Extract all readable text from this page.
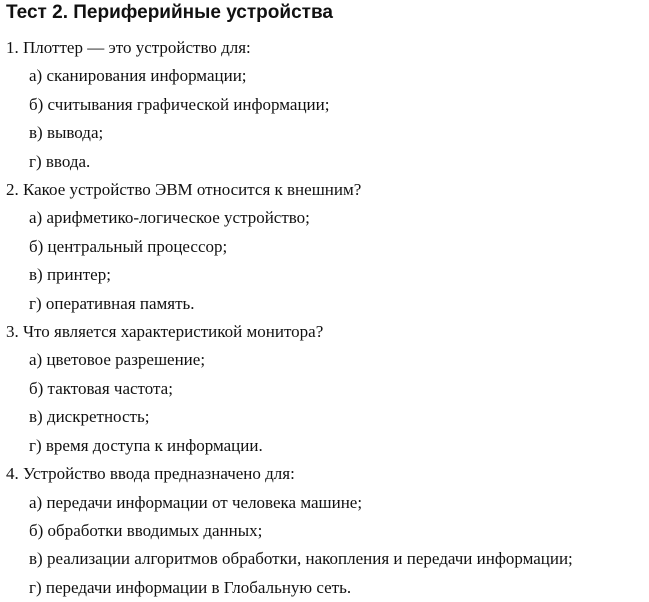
Тест 2. Периферийные устройства
1. Плоттер — это устройство для:
а) сканирования информации;
б) считывания графической информации;
в) вывода;
г) ввода.
2. Какое устройство ЭВМ относится к внешним?
а) арифметико-логическое устройство;
б) центральный процессор;
в) принтер;
г) оперативная память.
3. Что является характеристикой монитора?
а) цветовое разрешение;
б) тактовая частота;
в) дискретность;
г) время доступа к информации.
4. Устройство ввода предназначено для:
а) передачи информации от человека машине;
б) обработки вводимых данных;
в) реализации алгоритмов обработки, накопления и передачи информации;
г) передачи информации в Глобальную сеть.
